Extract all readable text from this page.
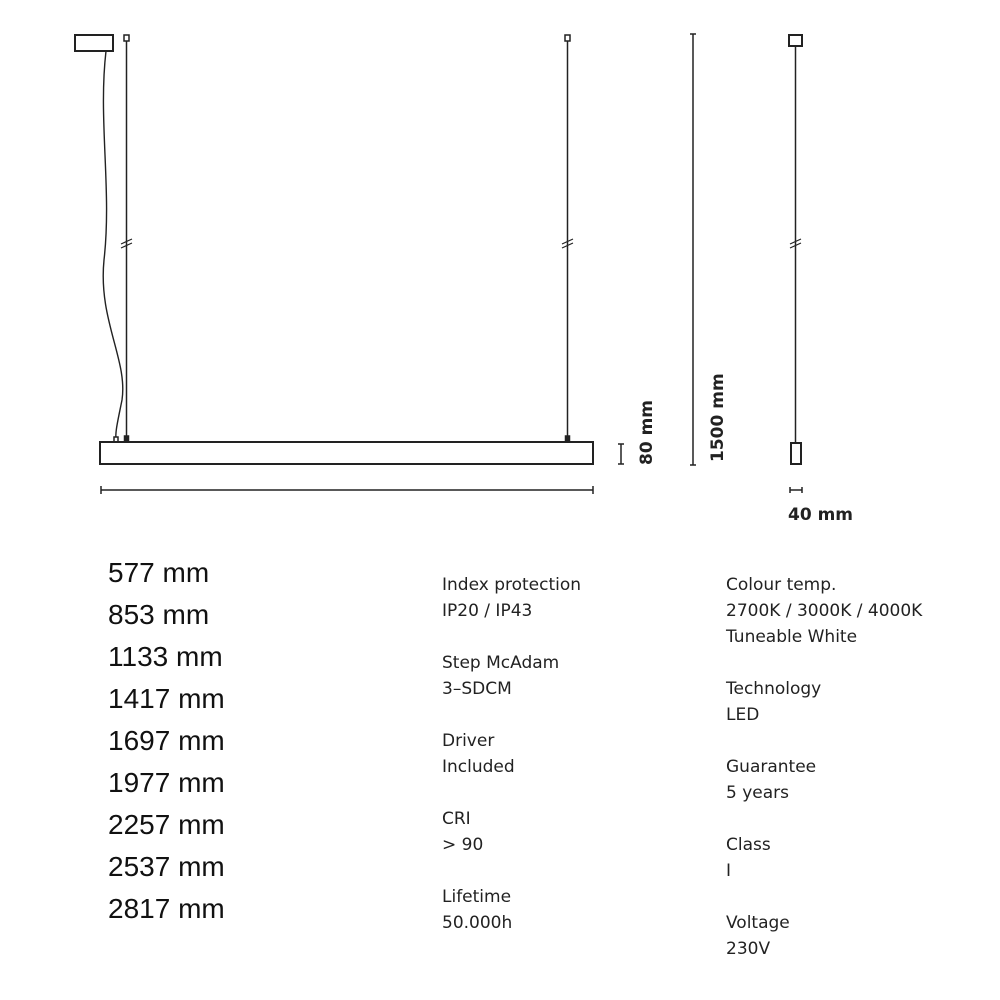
80 mm	1500 mm
40 mm
577 mm
853 mm
1133 mm
1417 mm
1697 mm
1977 mm
2257 mm
2537 mm
2817 mm
Index protection
IP20 / IP43
Step McAdam
3–SDCM
Driver
Included
CRI
> 90
Lifetime
50.000h
Colour temp.
2700K / 3000K / 4000K
Tuneable White
Technology
LED
Guarantee
5 years
Class
I
Voltage
230V
